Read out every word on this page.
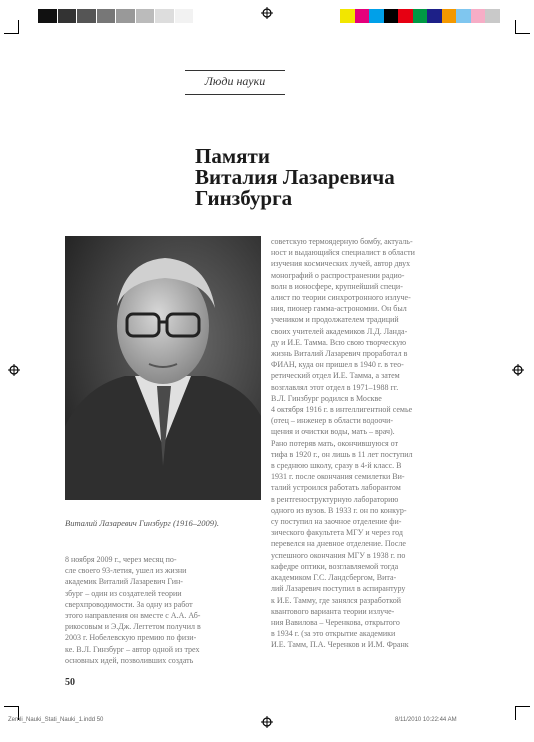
Люди науки
Памяти
Виталия Лазаревича
Гинзбурга
Виталий Лазаревич Гинзбург (1916–2009).

8 ноября 2009 г., через месяц по-

сле своего 93-летия, ушел из жизни

академик Виталий Лазаревич Гин-

збург – один из создателей теории

сверхпроводимости. За одну из работ

этого направления он вместе с А.А. Аб-

рикосовым и Э.Дж. Леггетом получил в

2003 г. Нобелевскую премию по физи-

ке. В.Л. Гинзбург – автор одной из трех

основных идей, позволивших создать

советскую термоядерную бомбу, актуаль-

ност и выдающийся специалист в области

изучения космических лучей, автор двух

монографий о распространении радио-

волн в ионосфере, крупнейший специ-

алист по теории синхротронного излуче-

ния, пионер гамма-астрономии. Он был

учеником и продолжателем традиций

своих учителей академиков Л.Д. Ланда-

ду и И.Е. Тамма. Всю свою творческую

жизнь Виталий Лазаревич проработал в

ФИАН, куда он пришел в 1940 г. в тео-

ретический отдел И.Е. Тамма, а затем

возглавлял этот отдел в 1971–1988 гг.

В.Л. Гинзбург родился в Москве

4 октября 1916 г. в интеллигентной семье

(отец – инженер в области водоочи-

щения и очистки воды, мать – врач).

Рано потеряв мать, окончившуюся от

тифа в 1920 г., он лишь в 11 лет поступил

в среднюю школу, сразу в 4-й класс. В

1931 г. после окончания семилетки Ви-

талий устроился работать лаборантом

в рентгеноструктурную лабораторию

одного из вузов. В 1933 г. он по конкур-

су поступил на заочное отделение фи-

зического факультета МГУ и через год

перевелся на дневное отделение. После

успешного окончания МГУ в 1938 г. по

кафедре оптики, возглавляемой тогда

академиком Г.С. Ландсбергом, Вита-

лий Лазаревич поступил в аспирантуру

к И.Е. Тамму, где занялся разработкой

квантового варианта теории излуче-

ния Вавилова – Черенкова, открытого

в 1934 г. (за это открытие академики

И.Е. Тамм, П.А. Черенков и И.М. Франк

50
Zemli_Nauki_Stati_Nauki_1.indd 50	8/11/2010 10:22:44 AM
